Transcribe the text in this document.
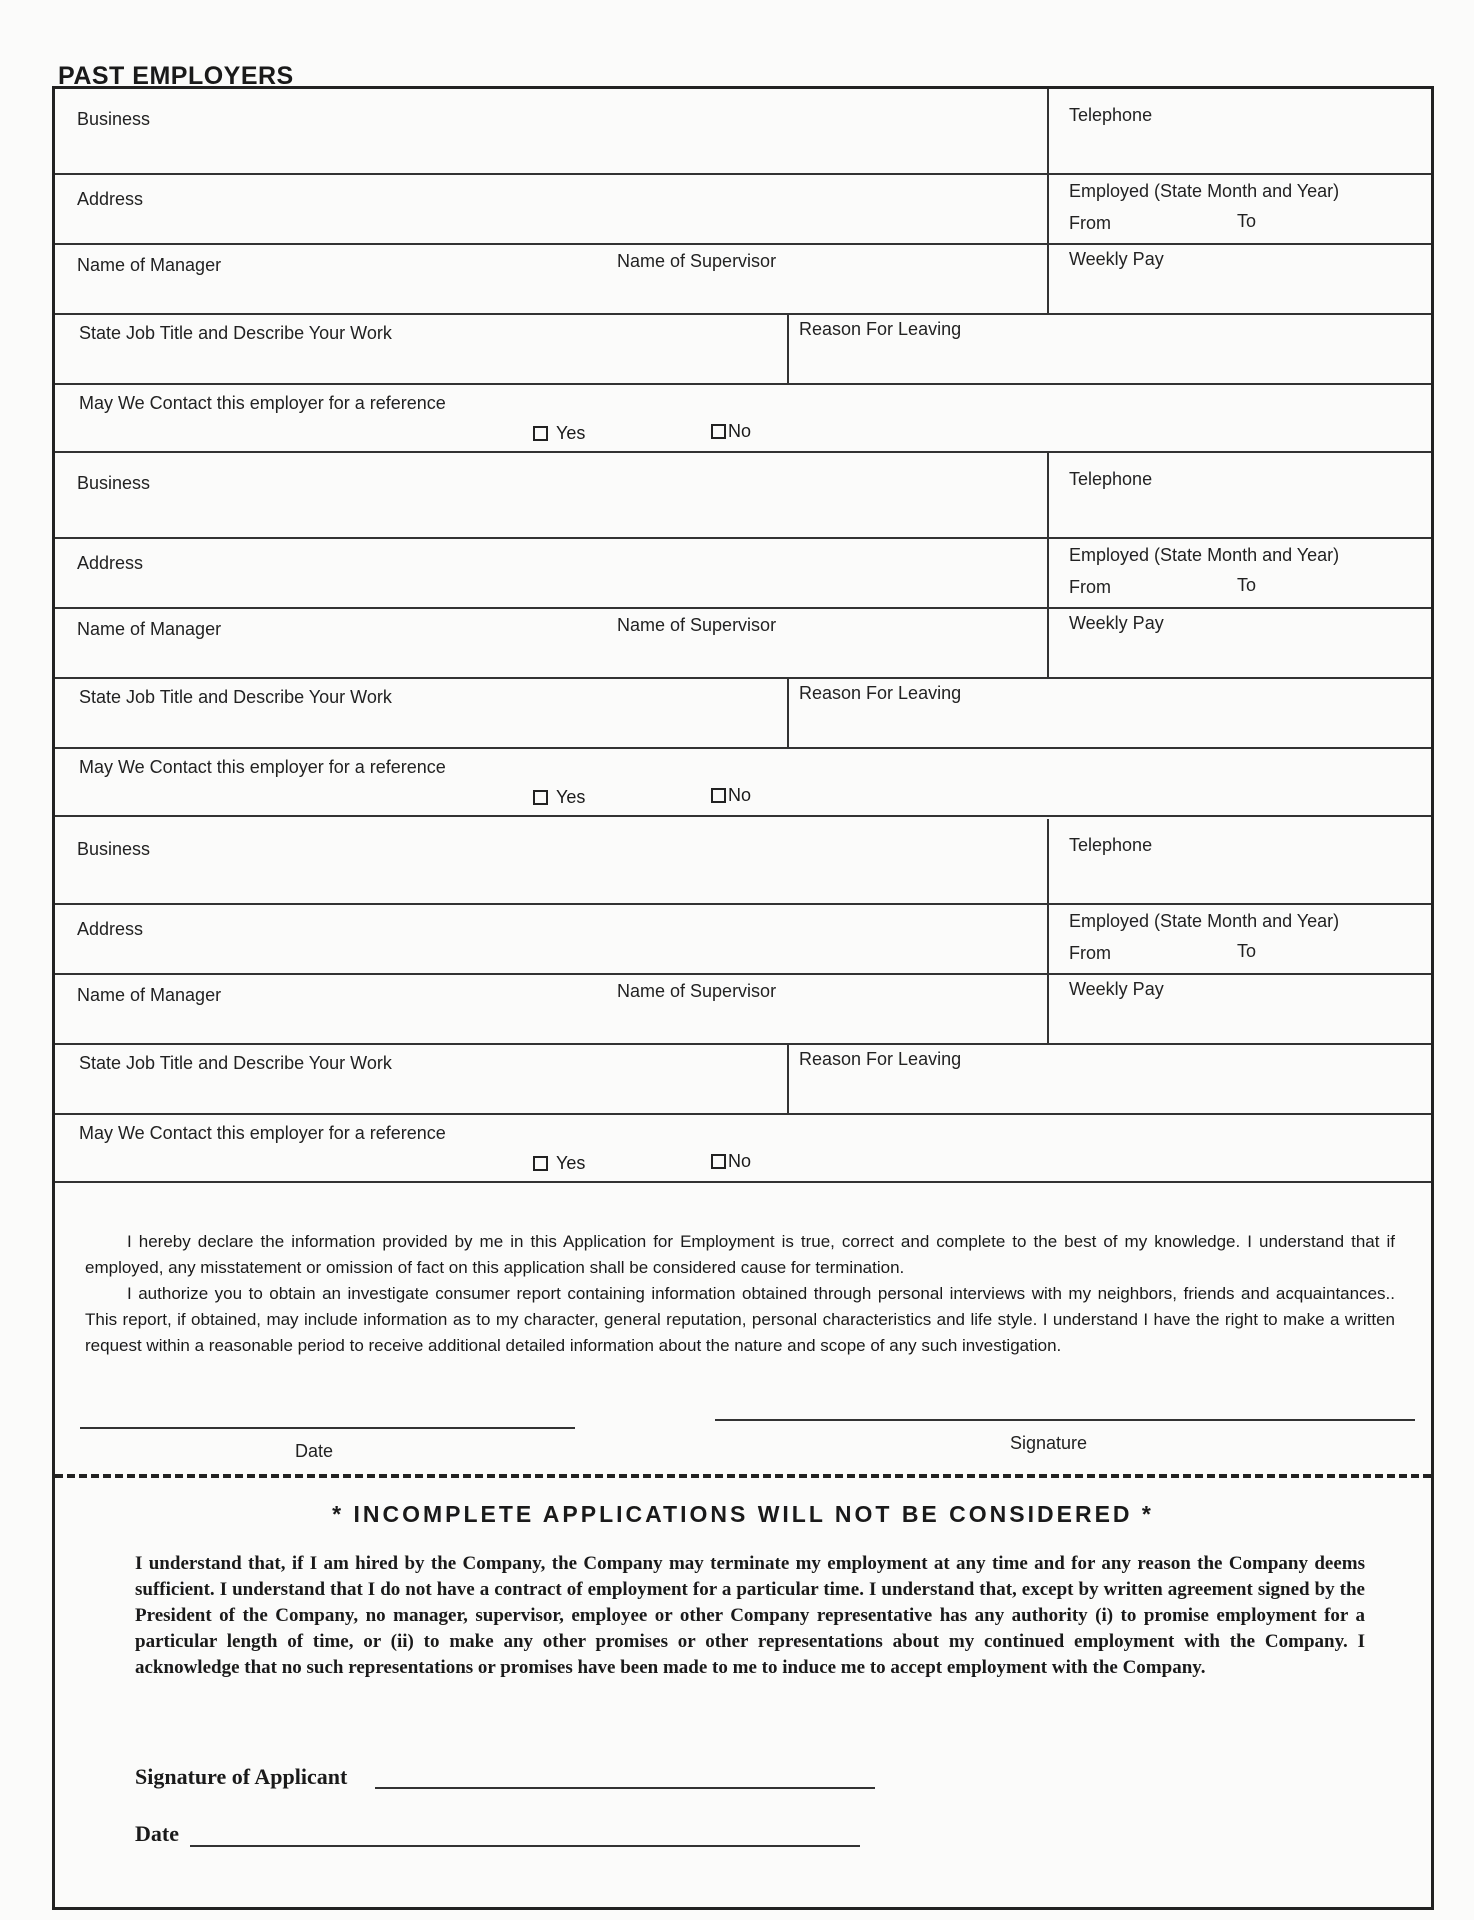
PAST EMPLOYERS
Business	Telephone
Address	Employed (State Month and Year)
From	To
Name of Manager	Name of Supervisor	Weekly Pay
State Job Title and Describe Your Work	Reason For Leaving
May We Contact this employer for a reference
Yes	No
Business	Telephone
Address	Employed (State Month and Year)
From	To
Name of Manager	Name of Supervisor	Weekly Pay
State Job Title and Describe Your Work	Reason For Leaving
May We Contact this employer for a reference
Yes	No
Business	Telephone
Address	Employed (State Month and Year)
From	To
Name of Manager	Name of Supervisor	Weekly Pay
State Job Title and Describe Your Work	Reason For Leaving
May We Contact this employer for a reference
Yes	No

I hereby declare the information provided by me in this Application for Employment is true, correct and complete to the best of my knowledge. I understand that if employed, any misstatement or omission of fact on this application shall be considered cause for termination.

I authorize you to obtain an investigate consumer report containing information obtained through personal interviews with my neighbors, friends and acquaintances.. This report, if obtained, may include information as to my character, general reputation, personal characteristics and life style. I understand I have the right to make a written request within a reasonable period to receive additional detailed information about the nature and scope of any such investigation.

Date	Signature
* INCOMPLETE APPLICATIONS WILL NOT BE CONSIDERED *
I understand that, if I am hired by the Company, the Company may terminate my employment at any time and for any reason the Company deems sufficient. I understand that I do not have a contract of employment for a particular time. I understand that, except by written agreement signed by the President of the Company, no manager, supervisor, employee or other Company representative has any authority (i) to promise employment for a particular length of time, or (ii) to make any other promises or other representations about my continued employment with the Company. I acknowledge that no such representations or promises have been made to me to induce me to accept employment with the Company.
Signature of Applicant
Date
